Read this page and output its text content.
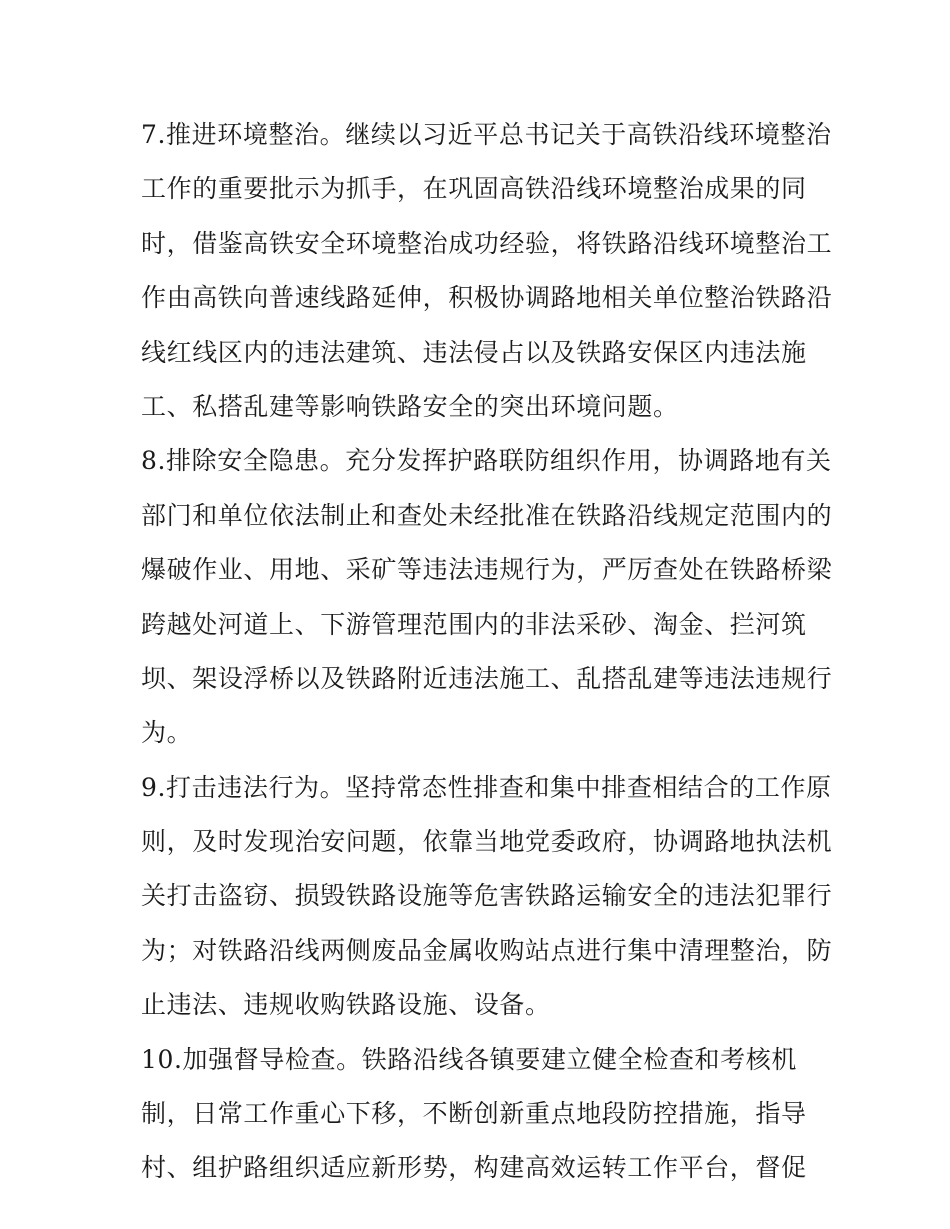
7.推进环境整治。继续以习近平总书记关于高铁沿线环境整治
工作的重要批示为抓手，在巩固高铁沿线环境整治成果的同
时，借鉴高铁安全环境整治成功经验，将铁路沿线环境整治工
作由高铁向普速线路延伸，积极协调路地相关单位整治铁路沿
线红线区内的违法建筑、违法侵占以及铁路安保区内违法施
工、私搭乱建等影响铁路安全的突出环境问题。
8.排除安全隐患。充分发挥护路联防组织作用，协调路地有关
部门和单位依法制止和查处未经批准在铁路沿线规定范围内的
爆破作业、用地、采矿等违法违规行为，严厉查处在铁路桥梁
跨越处河道上、下游管理范围内的非法采砂、淘金、拦河筑
坝、架设浮桥以及铁路附近违法施工、乱搭乱建等违法违规行
为。
9.打击违法行为。坚持常态性排查和集中排查相结合的工作原
则，及时发现治安问题，依靠当地党委政府，协调路地执法机
关打击盗窃、损毁铁路设施等危害铁路运输安全的违法犯罪行
为；对铁路沿线两侧废品金属收购站点进行集中清理整治，防
止违法、违规收购铁路设施、设备。
10.加强督导检查。铁路沿线各镇要建立健全检查和考核机
制，日常工作重心下移，不断创新重点地段防控措施，指导
村、组护路组织适应新形势，构建高效运转工作平台，督促
